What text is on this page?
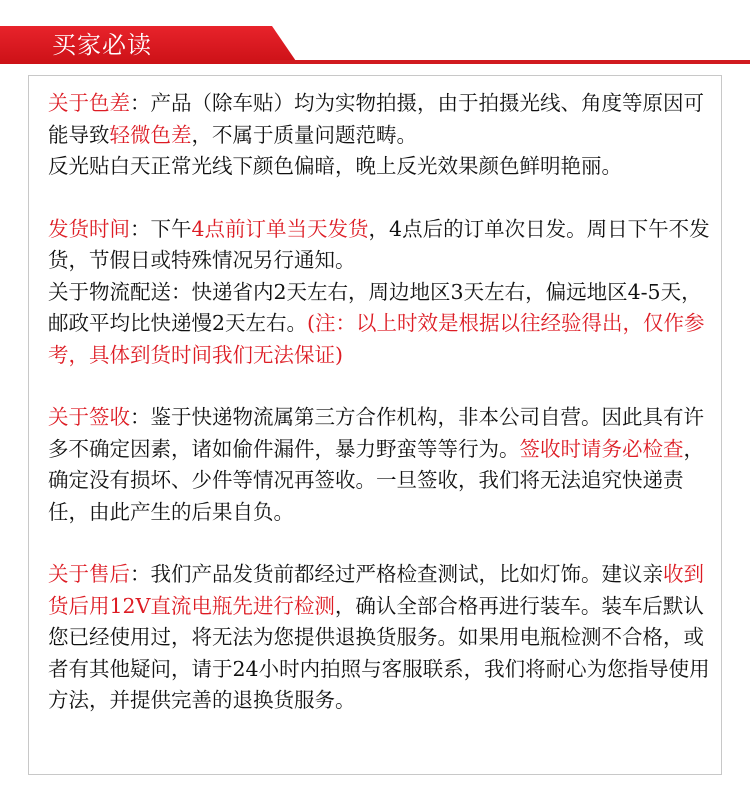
买家必读

关于色差：产品（除车贴）均为实物拍摄，由于拍摄光线、角度等原因可能导致轻微色差，不属于质量问题范畴。

反光贴白天正常光线下颜色偏暗，晚上反光效果颜色鲜明艳丽。

发货时间：下午4点前订单当天发货，4点后的订单次日发。周日下午不发货，节假日或特殊情况另行通知。

关于物流配送：快递省内2天左右，周边地区3天左右，偏远地区4-5天，邮政平均比快递慢2天左右。(注：以上时效是根据以往经验得出，仅作参考，具体到货时间我们无法保证)

关于签收：鉴于快递物流属第三方合作机构，非本公司自营。因此具有许多不确定因素，诸如偷件漏件，暴力野蛮等等行为。签收时请务必检查，确定没有损坏、少件等情况再签收。一旦签收，我们将无法追究快递责任，由此产生的后果自负。

关于售后：我们产品发货前都经过严格检查测试，比如灯饰。建议亲收到货后用12V直流电瓶先进行检测，确认全部合格再进行装车。装车后默认您已经使用过，将无法为您提供退换货服务。如果用电瓶检测不合格，或者有其他疑问，请于24小时内拍照与客服联系，我们将耐心为您指导使用方法，并提供完善的退换货服务。
